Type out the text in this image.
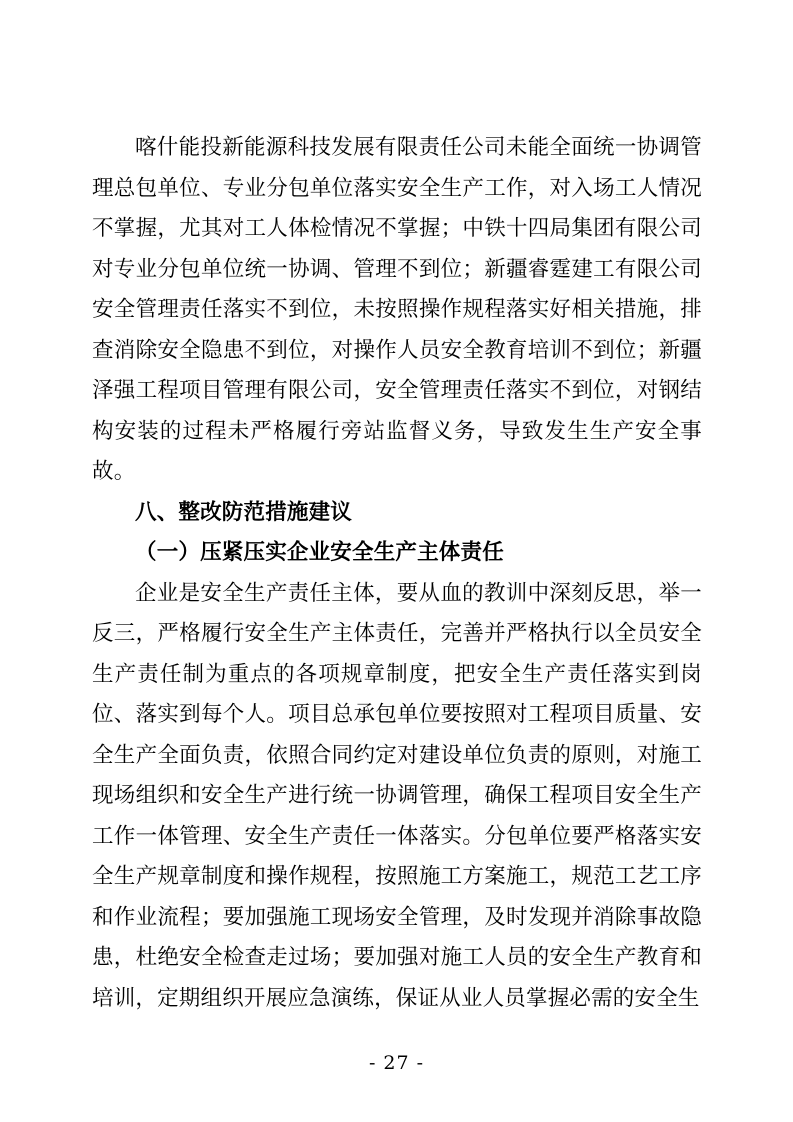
喀什能投新能源科技发展有限责任公司未能全面统一协调管理总包单位、专业分包单位落实安全生产工作，对入场工人情况不掌握，尤其对工人体检情况不掌握；中铁十四局集团有限公司对专业分包单位统一协调、管理不到位；新疆睿霆建工有限公司安全管理责任落实不到位，未按照操作规程落实好相关措施，排查消除安全隐患不到位，对操作人员安全教育培训不到位；新疆泽强工程项目管理有限公司，安全管理责任落实不到位，对钢结构安装的过程未严格履行旁站监督义务，导致发生生产安全事故。

八、整改防范措施建议

（一）压紧压实企业安全生产主体责任

企业是安全生产责任主体，要从血的教训中深刻反思，举一反三，严格履行安全生产主体责任，完善并严格执行以全员安全生产责任制为重点的各项规章制度，把安全生产责任落实到岗位、落实到每个人。项目总承包单位要按照对工程项目质量、安全生产全面负责，依照合同约定对建设单位负责的原则，对施工现场组织和安全生产进行统一协调管理，确保工程项目安全生产工作一体管理、安全生产责任一体落实。分包单位要严格落实安全生产规章制度和操作规程，按照施工方案施工，规范工艺工序和作业流程；要加强施工现场安全管理，及时发现并消除事故隐患，杜绝安全检查走过场；要加强对施工人员的安全生产教育和培训，定期组织开展应急演练，保证从业人员掌握必需的安全生

- 27 -
